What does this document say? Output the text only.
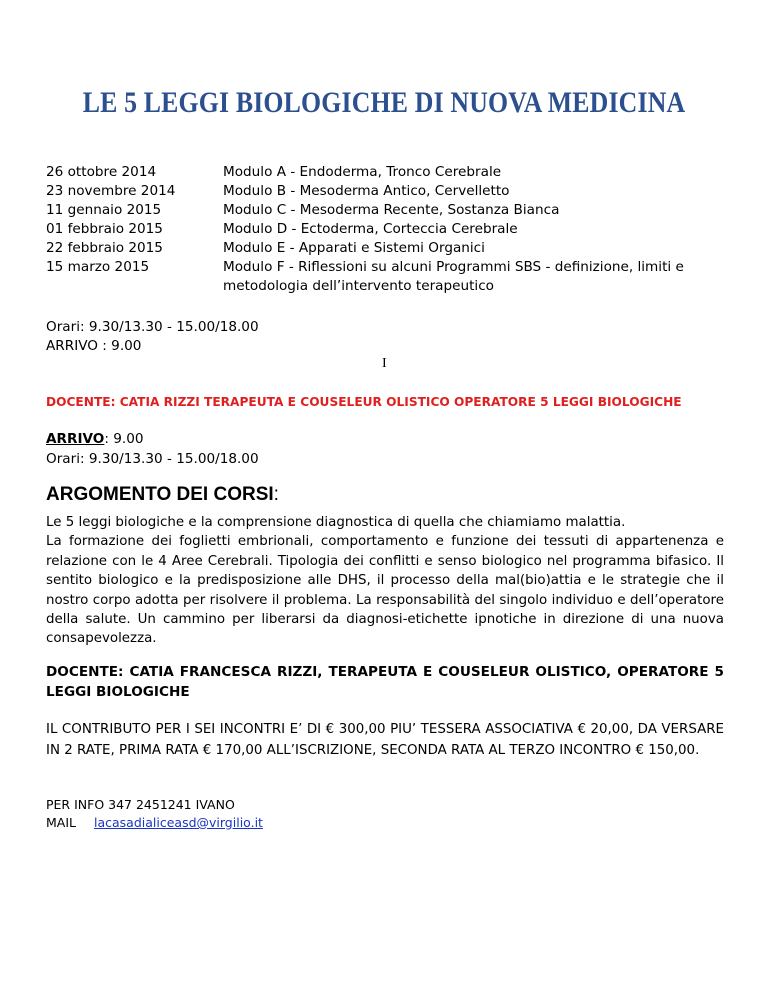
LE 5 LEGGI BIOLOGICHE DI NUOVA MEDICINA
26 ottobre 2014	Modulo A - Endoderma, Tronco Cerebrale
23 novembre 2014	Modulo B - Mesoderma Antico, Cervelletto
11 gennaio 2015	Modulo C - Mesoderma Recente, Sostanza Bianca
01 febbraio 2015	Modulo D - Ectoderma, Corteccia Cerebrale
22 febbraio 2015	Modulo E - Apparati e Sistemi Organici
15 marzo 2015	Modulo F - Riflessioni su alcuni Programmi SBS - definizione, limiti e
metodologia dell’intervento terapeutico
Orari: 9.30/13.30 - 15.00/18.00
ARRIVO : 9.00
I
DOCENTE: CATIA RIZZI TERAPEUTA E COUSELEUR OLISTICO OPERATORE 5 LEGGI BIOLOGICHE
ARRIVO: 9.00
Orari: 9.30/13.30 - 15.00/18.00
ARGOMENTO DEI CORSI:
Le 5 leggi biologiche e la comprensione diagnostica di quella che chiamiamo malattia.
La formazione dei foglietti embrionali, comportamento e funzione dei tessuti di appartenenza e relazione con le 4 Aree Cerebrali. Tipologia dei conflitti e senso biologico nel programma bifasico. Il sentito biologico e la predisposizione alle DHS, il processo della mal(bio)attia e le strategie che il nostro corpo adotta per risolvere il problema. La responsabilità del singolo individuo e dell’operatore della salute. Un cammino per liberarsi da diagnosi-etichette ipnotiche in direzione di una nuova consapevolezza.
DOCENTE: CATIA FRANCESCA RIZZI, TERAPEUTA E COUSELEUR OLISTICO, OPERATORE 5 LEGGI BIOLOGICHE
IL CONTRIBUTO PER I SEI INCONTRI E’ DI € 300,00 PIU’ TESSERA ASSOCIATIVA € 20,00, DA VERSARE IN 2 RATE, PRIMA RATA € 170,00 ALL’ISCRIZIONE, SECONDA RATA AL TERZO INCONTRO € 150,00.
PER INFO 347 2451241 IVANO
MAIL lacasadialiceasd@virgilio.it
